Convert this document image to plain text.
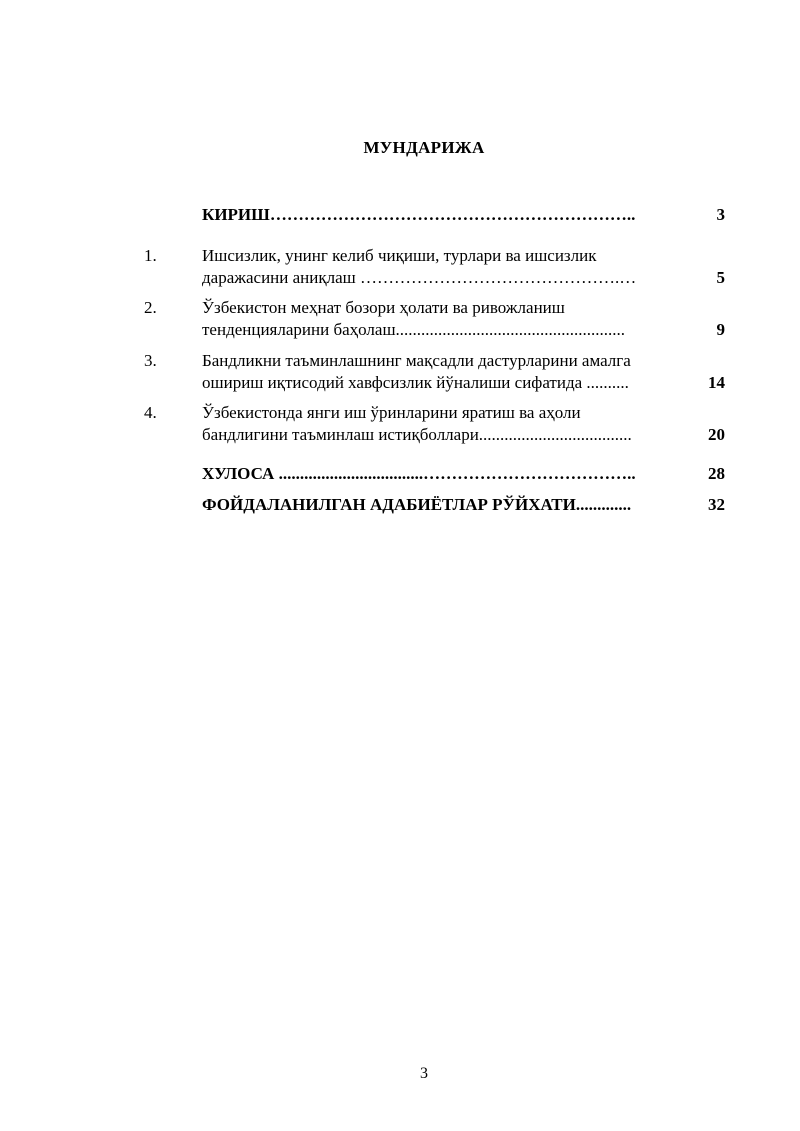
МУНДАРИЖА
КИРИШ………………………………………………………..	3
1.	Ишсизлик, унинг келиб чиқиши, турлари ва ишсизлик
даражасини аниқлаш ……………………………………….…	5
2.	Ўзбекистон меҳнат бозори ҳолати ва ривожланиш
тенденцияларини баҳолаш......................................................	9
3.	Бандликни таъминлашнинг мақсадли дастурларини амалга
ошириш иқтисодий хавфсизлик йўналиши сифатида ..........	14
4.	Ўзбекистонда янги иш ўринларини яратиш ва аҳоли
бандлигини таъминлаш истиқболлари....................................	20
ХУЛОСА ..................................………………………………..	28
ФОЙДАЛАНИЛГАН АДАБИЁТЛАР РЎЙХАТИ.............	32
3
